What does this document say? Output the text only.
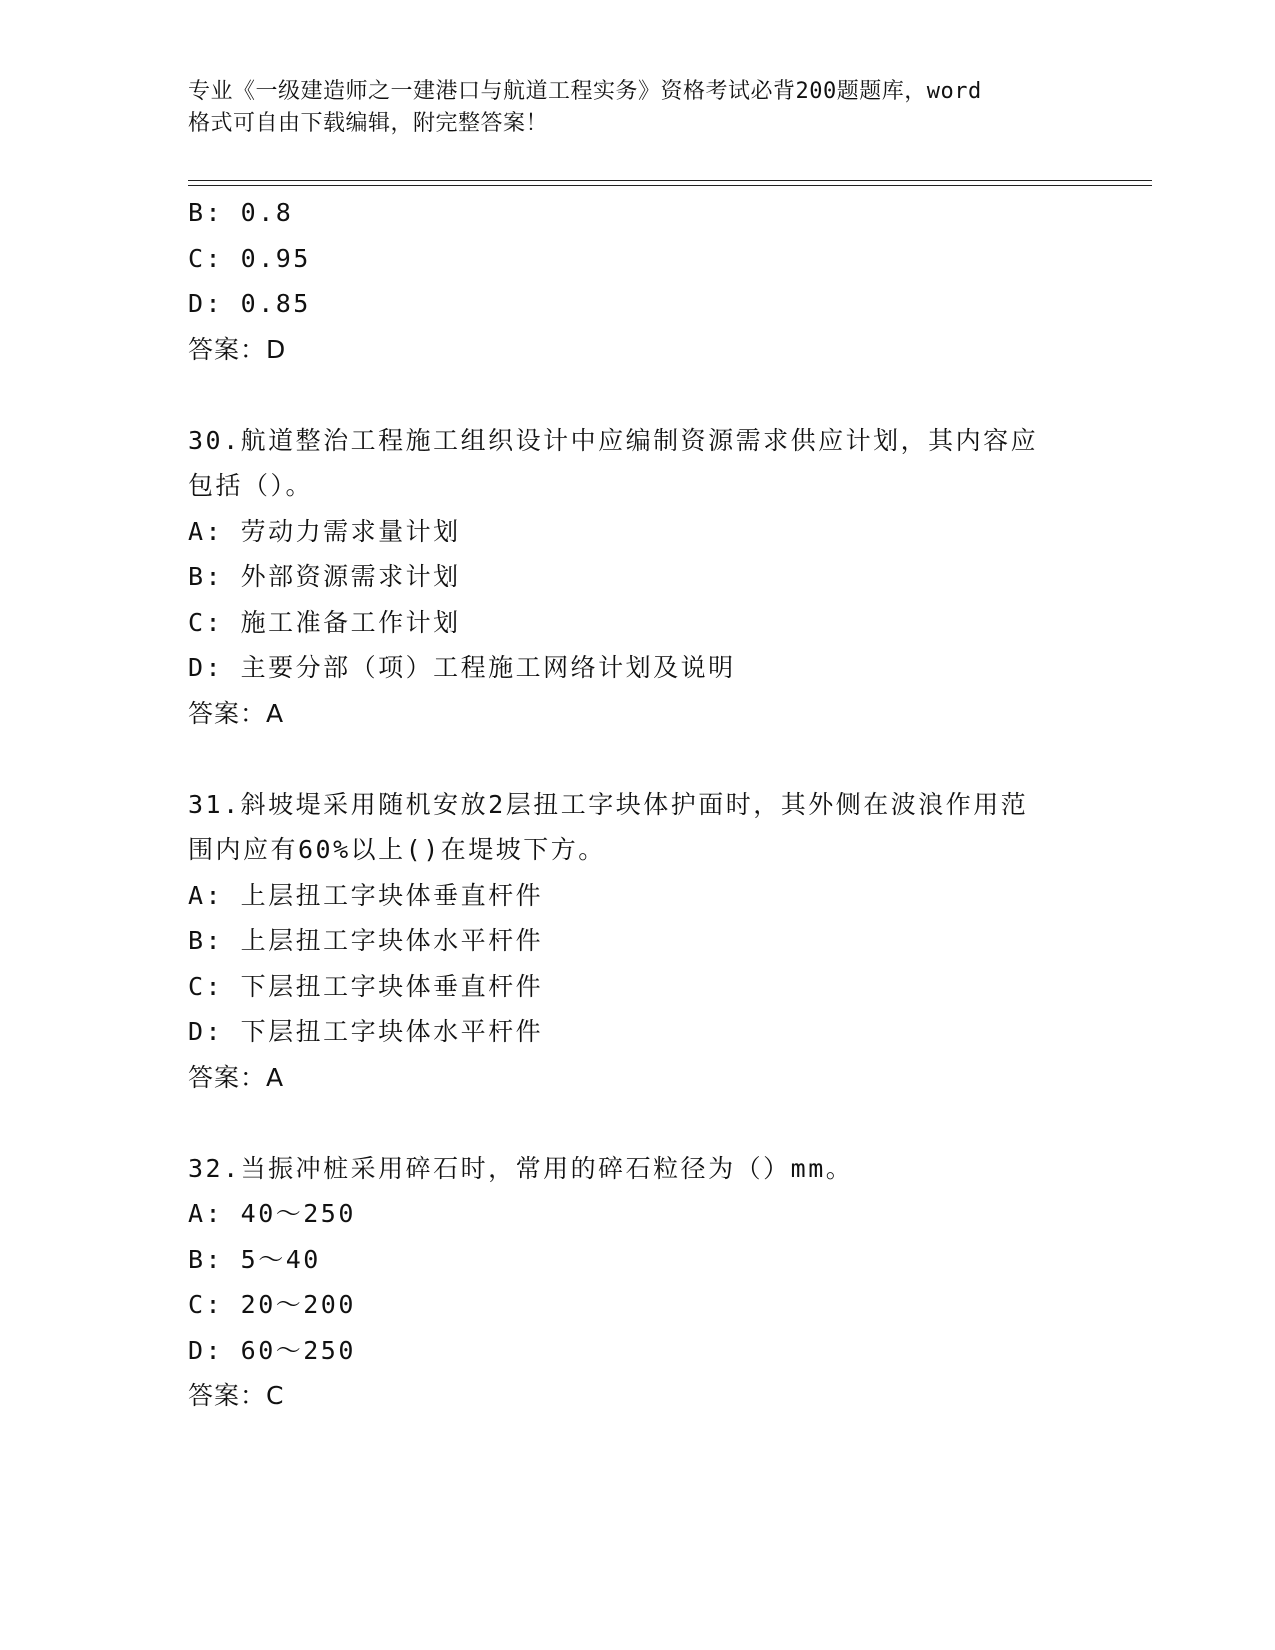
专业《一级建造师之一建港口与航道工程实务》资格考试必背200题题库，word
格式可自由下载编辑，附完整答案！
B: 0.8
C: 0.95
D: 0.85
答案：D
30.航道整治工程施工组织设计中应编制资源需求供应计划，其内容应
包括（）。
A: 劳动力需求量计划
B: 外部资源需求计划
C: 施工准备工作计划
D: 主要分部（项）工程施工网络计划及说明
答案：A
31.斜坡堤采用随机安放2层扭工字块体护面时，其外侧在波浪作用范
围内应有60%以上()在堤坡下方。
A: 上层扭工字块体垂直杆件
B: 上层扭工字块体水平杆件
C: 下层扭工字块体垂直杆件
D: 下层扭工字块体水平杆件
答案：A
32.当振冲桩采用碎石时，常用的碎石粒径为（）mm。
A: 40～250
B: 5～40
C: 20～200
D: 60～250
答案：C
